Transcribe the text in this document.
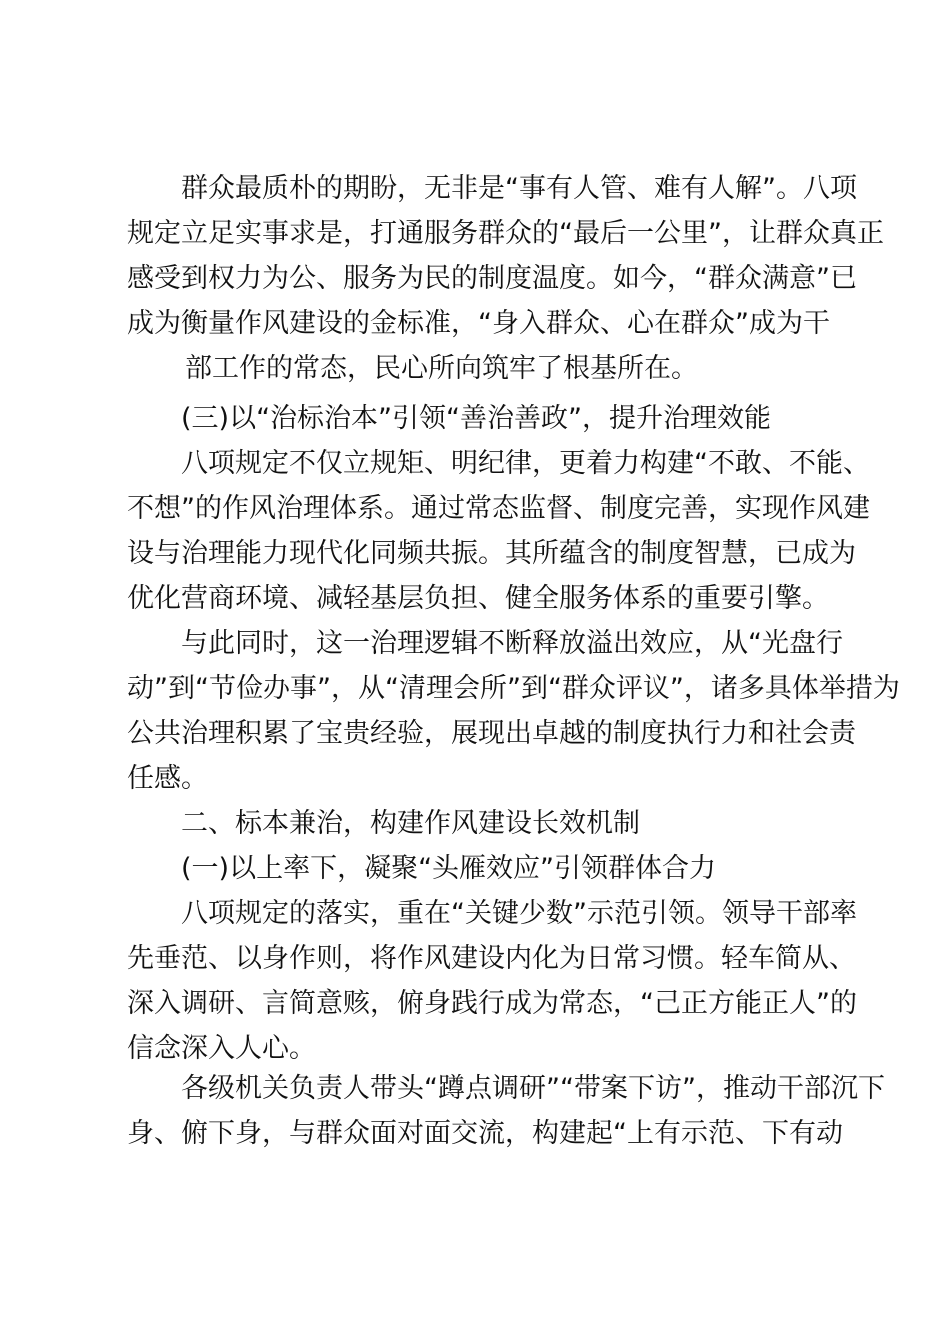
群众最质朴的期盼，无非是“事有人管、难有人解”。八项
规定立足实事求是，打通服务群众的“最后一公里”，让群众真正
感受到权力为公、服务为民的制度温度。如今，“群众满意”已
成为衡量作风建设的金标准，“身入群众、心在群众”成为干
部工作的常态，民心所向筑牢了根基所在。
(三)以“治标治本”引领“善治善政”，提升治理效能
八项规定不仅立规矩、明纪律，更着力构建“不敢、不能、
不想”的作风治理体系。通过常态监督、制度完善，实现作风建
设与治理能力现代化同频共振。其所蕴含的制度智慧，已成为
优化营商环境、减轻基层负担、健全服务体系的重要引擎。
与此同时，这一治理逻辑不断释放溢出效应，从“光盘行
动”到“节俭办事”，从“清理会所”到“群众评议”，诸多具体举措为
公共治理积累了宝贵经验，展现出卓越的制度执行力和社会责
任感。
二、标本兼治，构建作风建设长效机制
(一)以上率下，凝聚“头雁效应”引领群体合力
八项规定的落实，重在“关键少数”示范引领。领导干部率
先垂范、以身作则，将作风建设内化为日常习惯。轻车简从、
深入调研、言简意赅，俯身践行成为常态，“己正方能正人”的
信念深入人心。
各级机关负责人带头“蹲点调研”“带案下访”，推动干部沉下
身、俯下身，与群众面对面交流，构建起“上有示范、下有动
